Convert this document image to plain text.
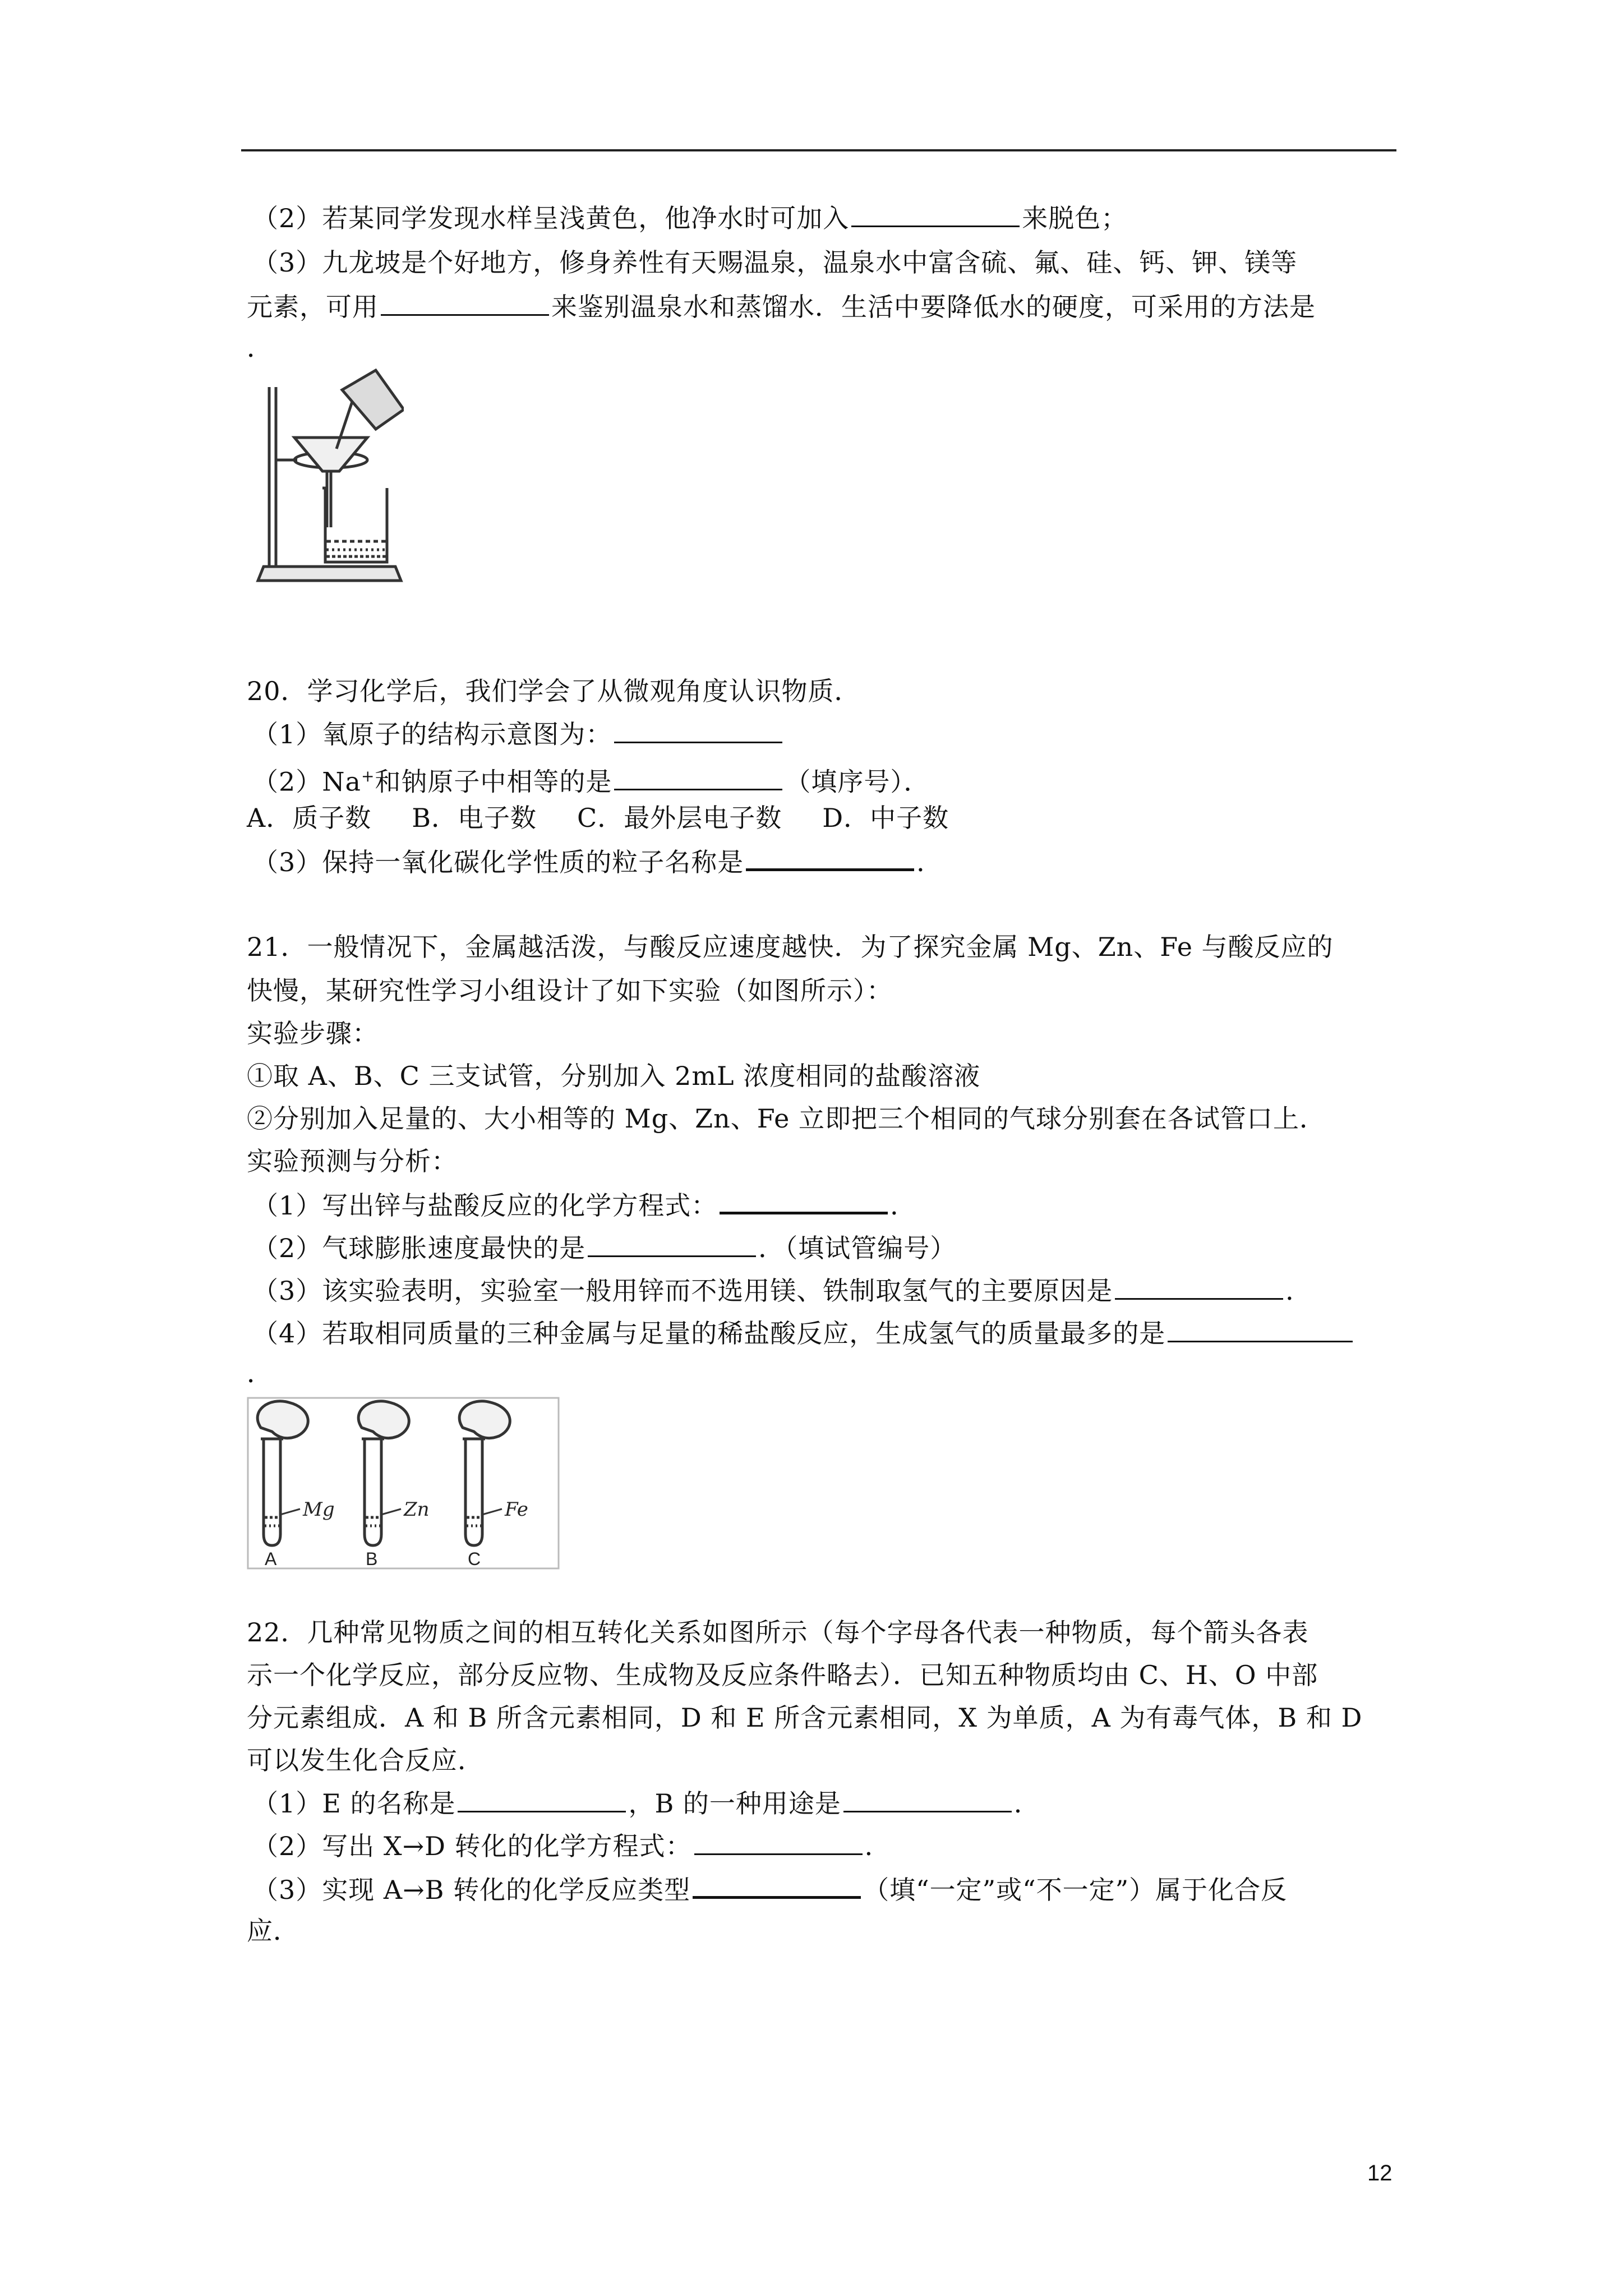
（2）若某同学发现水样呈浅黄色，他净水时可加入	来脱色；
（3）九龙坡是个好地方，修身养性有天赐温泉，温泉水中富含硫、氟、硅、钙、钾、镁等
元素，可用	来鉴别温泉水和蒸馏水．生活中要降低水的硬度，可采用的方法是
．
20．学习化学后，我们学会了从微观角度认识物质．
（1）氧原子的结构示意图为：
（2）Na+和钠原子中相等的是	（填序号）．
A．质子数 B．电子数 C．最外层电子数 D．中子数
（3）保持一氧化碳化学性质的粒子名称是	．
21．一般情况下，金属越活泼，与酸反应速度越快．为了探究金属 Mg、Zn、Fe 与酸反应的
快慢，某研究性学习小组设计了如下实验（如图所示）：
实验步骤：
①取 A、B、C 三支试管，分别加入 2mL 浓度相同的盐酸溶液
②分别加入足量的、大小相等的 Mg、Zn、Fe 立即把三个相同的气球分别套在各试管口上．
实验预测与分析：
（1）写出锌与盐酸反应的化学方程式：	．
（2）气球膨胀速度最快的是	．（填试管编号）
（3）该实验表明，实验室一般用锌而不选用镁、铁制取氢气的主要原因是	．
（4）若取相同质量的三种金属与足量的稀盐酸反应，生成氢气的质量最多的是
．
Mg	Zn	Fe
A	B	C
22．几种常见物质之间的相互转化关系如图所示（每个字母各代表一种物质，每个箭头各表
示一个化学反应，部分反应物、生成物及反应条件略去）．已知五种物质均由 C、H、O 中部
分元素组成．A 和 B 所含元素相同，D 和 E 所含元素相同，X 为单质，A 为有毒气体，B 和 D
可以发生化合反应．
（1）E 的名称是	，B 的一种用途是	．
（2）写出 X→D 转化的化学方程式：	．
（3）实现 A→B 转化的化学反应类型	（填“一定”或“不一定”）属于化合反
应．
12
